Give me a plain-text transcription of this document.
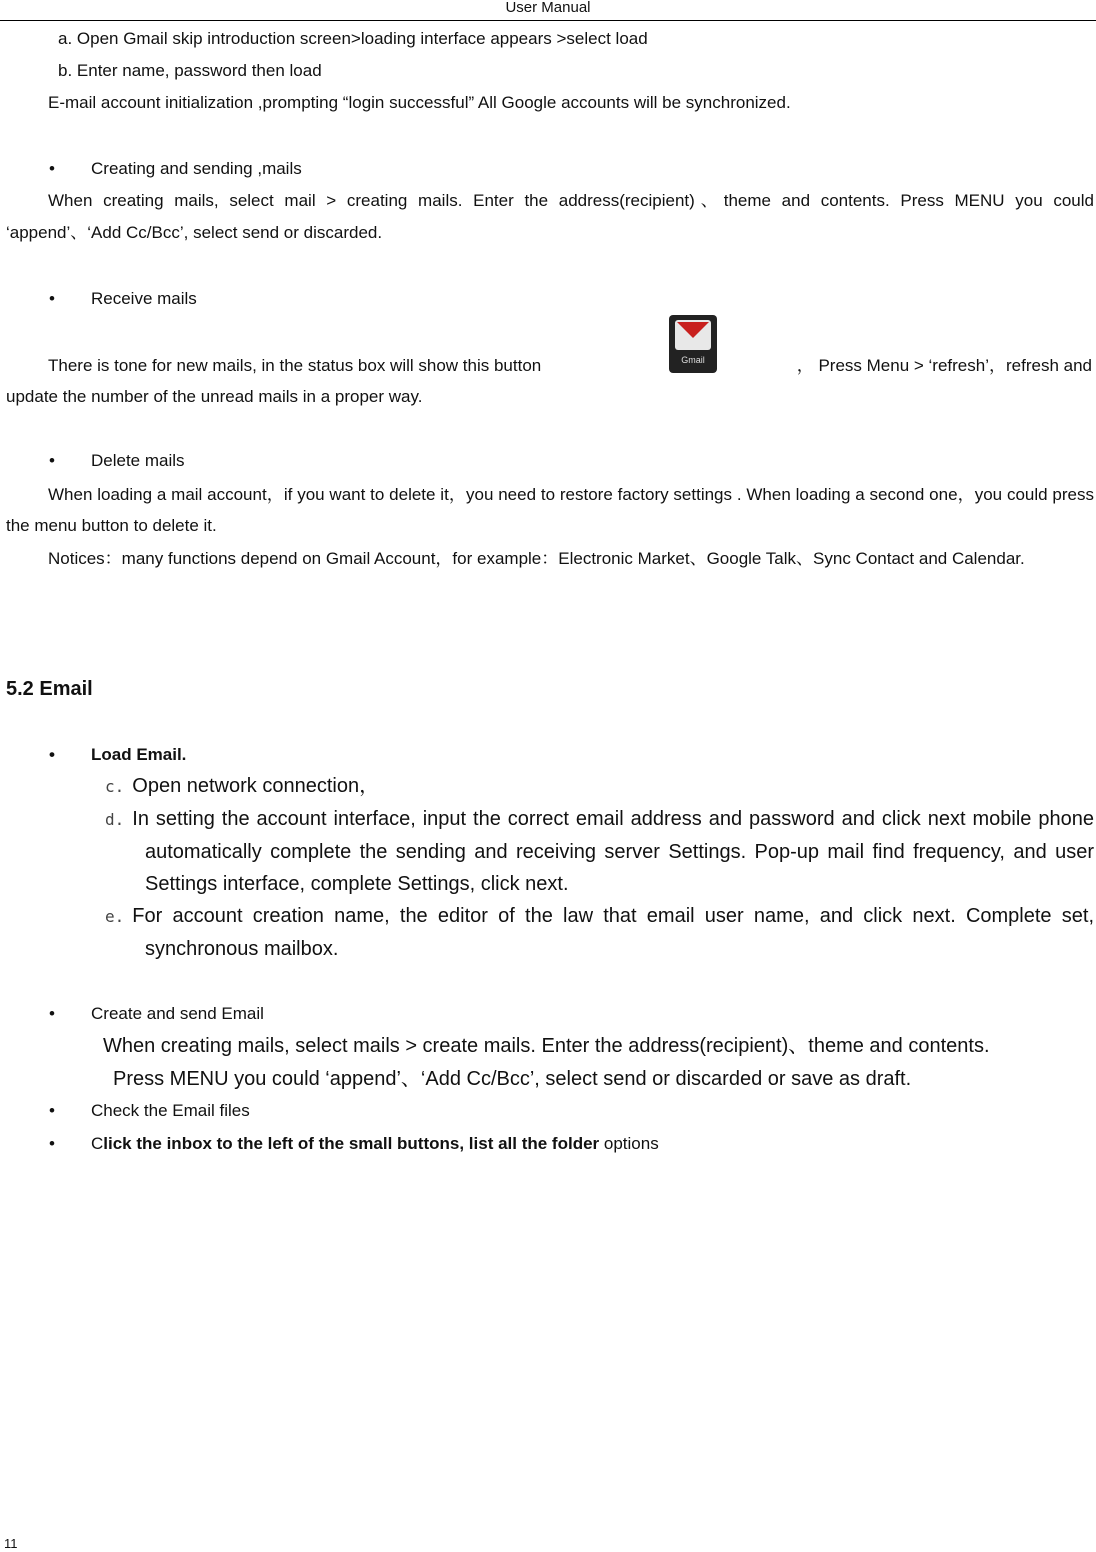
User Manual
a. Open Gmail skip introduction screen>loading interface appears >select load
b. Enter name, password then load
E-mail account initialization ,prompting “login successful” All Google accounts will be synchronized.
• Creating and sending ,mails
When creating mails, select mail > creating mails. Enter the address(recipient)、theme and contents. Press MENU you could ‘append’、‘Add Cc/Bcc’, select send or discarded.
• Receive mails
There is tone for new mails, in the status box will show this button	Gmail	， Press Menu > ‘refresh’，refresh and
update the number of the unread mails in a proper way.
• Delete mails
When loading a mail account，if you want to delete it，you need to restore factory settings . When loading a second one，you could press the menu button to delete it.
Notices：many functions depend on Gmail Account，for example：Electronic Market、Google Talk、Sync Contact and Calendar.
5.2 Email
• Load Email.
c. Open network connection，
d. In setting the account interface, input the correct email address and password and click next mobile phone automatically complete the sending and receiving server Settings. Pop-up mail find frequency, and user Settings interface, complete Settings, click next.
e. For account creation name, the editor of the law that email user name, and click next. Complete set, synchronous mailbox.
• Create and send Email
When creating mails, select mails > create mails. Enter the address(recipient)、theme and contents.
Press MENU you could ‘append’、‘Add Cc/Bcc’, select send or discarded or save as draft.
• Check the Email files
• Click the inbox to the left of the small buttons, list all the folder options
11
